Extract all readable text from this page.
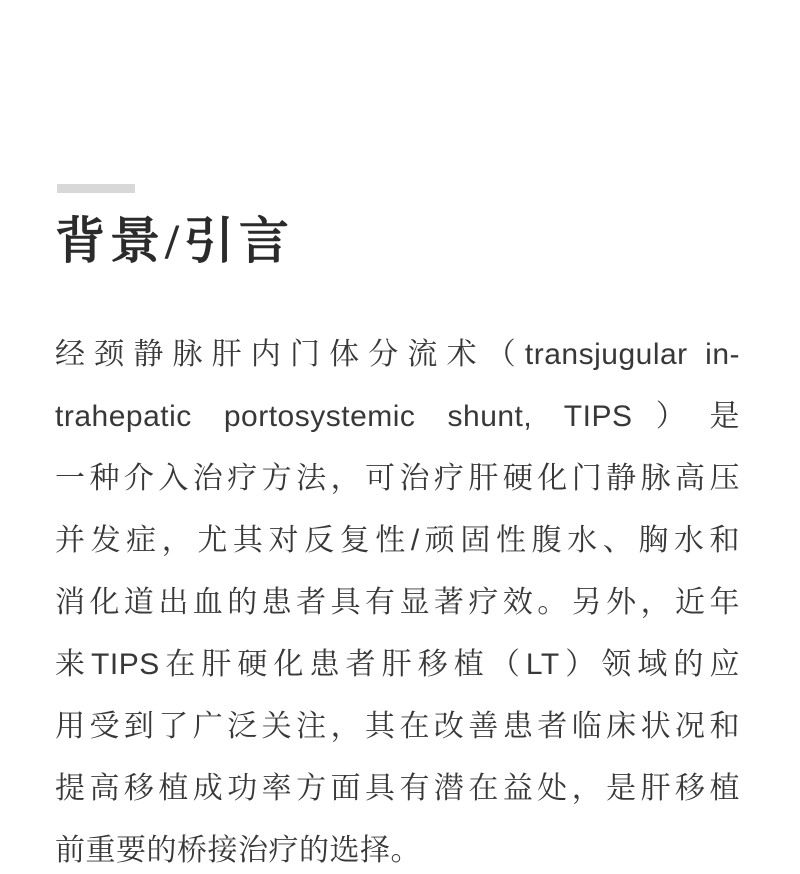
背景/引言
经颈静脉肝内门体分流术（transjugular in-
trahepatic portosystemic shunt, TIPS）是
一种介入治疗方法，可治疗肝硬化门静脉高压
并发症，尤其对反复性/顽固性腹水、胸水和
消化道出血的患者具有显著疗效。另外，近年
来TIPS在肝硬化患者肝移植（LT）领域的应
用受到了广泛关注，其在改善患者临床状况和
提高移植成功率方面具有潜在益处，是肝移植
前重要的桥接治疗的选择。
